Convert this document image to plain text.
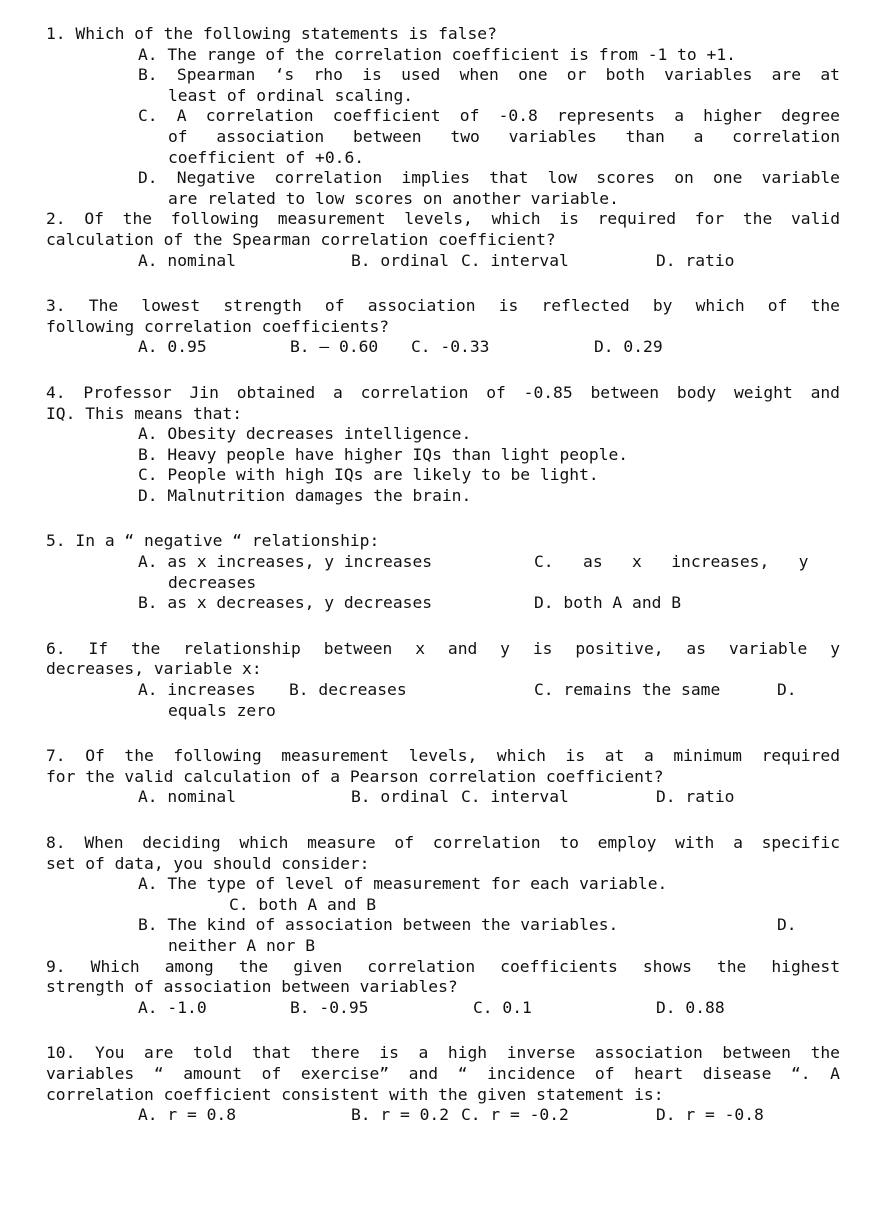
1. Which of the following statements is false?
A. The range of the correlation coefficient is from -1 to +1.
B. Spearman ‘s rho is used when one or both variables are at
least of ordinal scaling.
C. A correlation coefficient of -0.8 represents a higher degree
of association between two variables than a correlation
coefficient of +0.6.
D. Negative correlation implies that low scores on one variable
are related to low scores on another variable.
2. Of the following measurement levels, which is required for the valid
calculation of the Spearman correlation coefficient?

A. nominal

	B. ordinal

C. interval

	D. ratio

3. The lowest strength of association is reflected by which of the
following correlation coefficients?

A. 0.95

	B. – 0.60

C. -0.33

	D. 0.29

4. Professor Jin obtained a correlation of -0.85 between body weight and
IQ. This means that:
A. Obesity decreases intelligence.
B. Heavy people have higher IQs than light people.
C. People with high IQs are likely to be light.
D. Malnutrition damages the brain.
5. In a “ negative “ relationship:

A. as x increases, y increases

	C.   as   x   increases,   y

decreases

B. as x decreases, y decreases

	D. both A and B

6. If the relationship between x and y is positive, as variable y
decreases, variable x:

A. increases

B. decreases

	C. remains the same

	D.

equals zero
7. Of the following measurement levels, which is at a minimum required
for the valid calculation of a Pearson correlation coefficient?

A. nominal

	B. ordinal

C. interval

	D. ratio

8. When deciding which measure of correlation to employ with a specific
set of data, you should consider:
A. The type of level of measurement for each variable.
C. both A and B

B. The kind of association between the variables.

	D.

neither A nor B
9. Which among the given correlation coefficients shows the highest
strength of association between variables?

A. -1.0

	B. -0.95

	C. 0.1

	D. 0.88

10. You are told that there is a high inverse association between the
variables “ amount of exercise” and “ incidence of heart disease “. A
correlation coefficient consistent with the given statement is:

A. r = 0.8

	B. r = 0.2

C. r = -0.2

	D. r = -0.8
